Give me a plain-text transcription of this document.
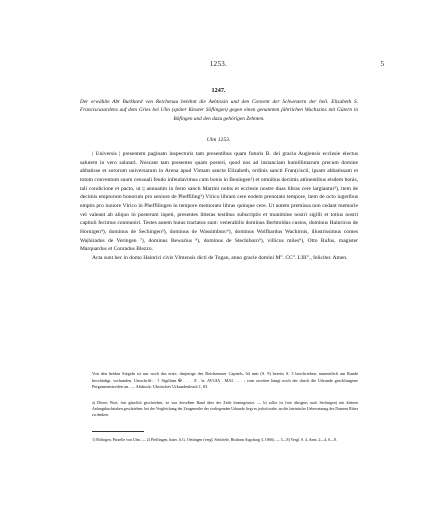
1253.	5
1247.
Der erwählte Abt Burkhard von Reichenau belehnt die Aebtissin und den Convent der Schwestern der heil. Elisabeth S. Franciscusordens auf dem Gries bei Ulm (später Kloster Söflingen) gegen einen genannten jährlichen Wachszins mit Gütern in Böfingen und den dazu gehörigen Zehnten.
Ulm 1253.

| Universis | presentem paginam inspecturis tam presentibus quam futuris B. dei gracia Augiensis ecclesie electus salutem in vero salutari. Noscant tam presentes quam posteri, quod nos ad instanciam humillimarum precum domine abbatisse et sororum universarum in Arena apud Vlmam sancte Elizabeth, ordinis sancti Fran(ciscii, ipsam abbatissam et totum conventum suum censuali feudo infeudavimus cum bonis in Beuingen¹) et omnibus decimis attinentibus eisdem bonis, tali condicione et pacto, ut || annuatim in festo sancti Martini nobis et ecclesie nostre duas libras cere largiantur²), item de decimis emptorum bonorum pro seniore de Pheffiling³) Vlrico libram cere eodem prenotato tempore, item de octo iugeribus emptis pro iuniore Vlrico in Pheffilingen in tempore memorato libras quinque cere. Ut autem premissa non cedant memorie vel valeant ab aliquo in posterum inpeti, presentes litteras testibus subscriptis et munimine nostri sigilli et totius nostri capituli fecimus conmuniri. Testes autem huius tractatus sunt: venerabilis dominus Berhtoldus custos, dominus Hainricus de Hornigen⁴), dominus de Sechingen⁵), dominus de Wassimburc⁶), dominus Wolfhardus Wachirnis, illustrissimus comes Wa|hiradus de Veringen ⁷), dominus Bewarius ⁸), dominus de Stechiborn⁹), villicus miles⁹), Otto Rufus, magister Marquardus et Conradus Blezzo.

Acta sunt hec in domo Hainrici civis Vlmensis dicti de Togan, anno gracie domini M°. CC°. LIII°., feliciter. Amen.

Von den beiden Siegeln ist nur noch das erste, dasjenige des Reichenauer Capitels, 64 mm (S. 9) bereits S. 3 beschrieben, namentlich am Rande beschädigt, vorhanden. Umschrift: . † Sigillum ✠ . . . . E . la. AVGIA . MAI. . . . ; vom zweiten hängt noch der durch die Urkunde geschlungene Pergamentstreifen an. — Abdruck: Ulmisches Urkundenbuch 1, 83.
a) Dieses Wort, fast gänzlich geschrieben, ist von derselben Hand über der Zeile hineingesetzt. — b) sollte ist (wie übrigens auch Sechingen) mit kleinen Anfangsbuchstaben geschrieben, bei der Vergleichung der Zeugenreihe der vorliegenden Urkunde liegt es jedoch nahe, an die lateinische Uebersetzung des Namens Ritter zu denken.

1) Böfingen, Parzelle von Ulm. — 2) Pfeffingen, baier. A.G. Oettingen (vergl. Steichele, Bisthum Augsburg 3, 1066). — 3—8) Vergl. S. 4, Anm. 2—4, 6—8.
